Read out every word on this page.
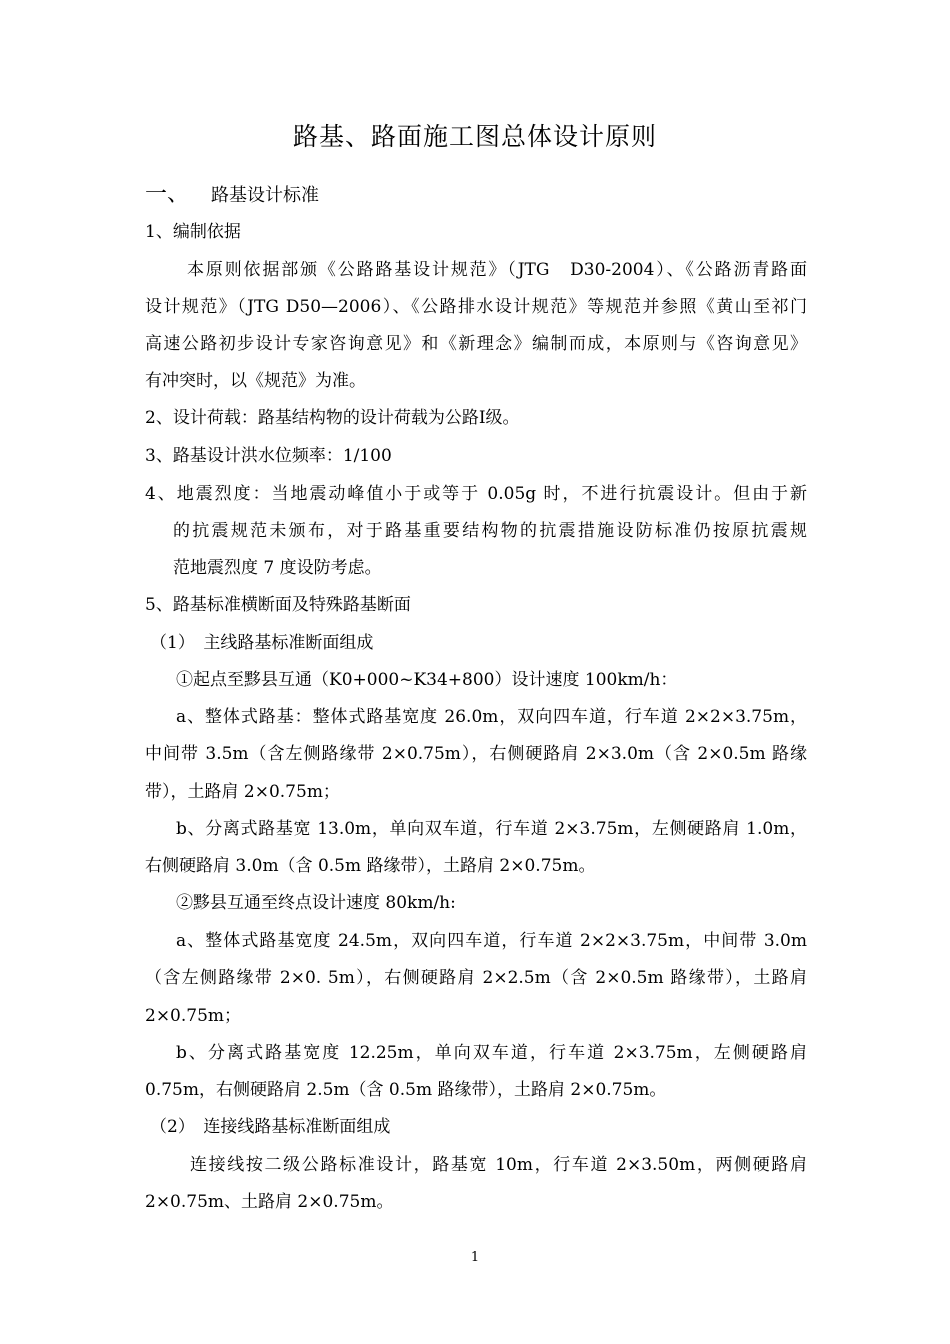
路基、路面施工图总体设计原则
一、 路基设计标准
1、编制依据
本原则依据部颁《公路路基设计规范》（JTG　D30-2004）、《公路沥青路面
设计规范》（JTG D50—2006）、《公路排水设计规范》等规范并参照《黄山至祁门
高速公路初步设计专家咨询意见》和《新理念》编制而成，本原则与《咨询意见》
有冲突时，以《规范》为准。
2、设计荷载：路基结构物的设计荷载为公路Ⅰ级。
3、路基设计洪水位频率：1/100
4、地震烈度：当地震动峰值小于或等于 0.05g 时，不进行抗震设计。但由于新
的抗震规范未颁布，对于路基重要结构物的抗震措施设防标准仍按原抗震规
范地震烈度 7 度设防考虑。
5、路基标准横断面及特殊路基断面
（1）　主线路基标准断面组成
①起点至黟县互通（K0+000~K34+800）设计速度 100km/h：
a、整体式路基：整体式路基宽度 26.0m，双向四车道，行车道 2×2×3.75m，
中间带 3.5m（含左侧路缘带 2×0.75m），右侧硬路肩 2×3.0m（含 2×0.5m 路缘
带），土路肩 2×0.75m；
b、分离式路基宽 13.0m，单向双车道，行车道 2×3.75m，左侧硬路肩 1.0m，
右侧硬路肩 3.0m（含 0.5m 路缘带），土路肩 2×0.75m。
②黟县互通至终点设计速度 80km/h:
a、整体式路基宽度 24.5m，双向四车道，行车道 2×2×3.75m，中间带 3.0m
（含左侧路缘带 2×0. 5m），右侧硬路肩 2×2.5m（含 2×0.5m 路缘带），土路肩
2×0.75m；
b、分离式路基宽度 12.25m，单向双车道，行车道 2×3.75m，左侧硬路肩
0.75m，右侧硬路肩 2.5m（含 0.5m 路缘带），土路肩 2×0.75m。
（2）　连接线路基标准断面组成
连接线按二级公路标准设计，路基宽 10m，行车道 2×3.50m，两侧硬路肩
2×0.75m、土路肩 2×0.75m。
1
